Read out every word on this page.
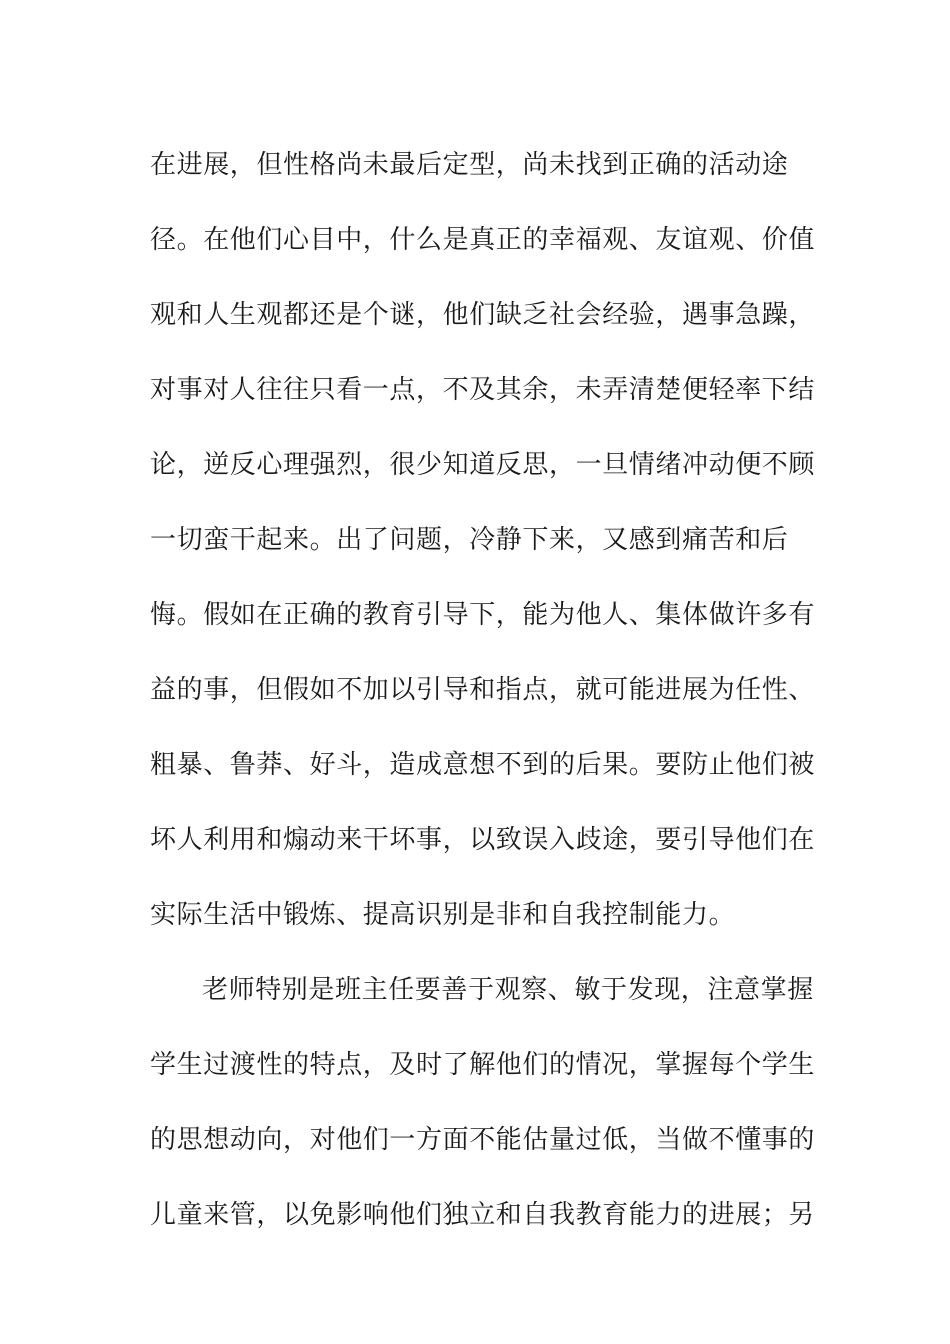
在进展，但性格尚未最后定型，尚未找到正确的活动途
径。在他们心目中，什么是真正的幸福观、友谊观、价值
观和人生观都还是个谜，他们缺乏社会经验，遇事急躁，
对事对人往往只看一点，不及其余，未弄清楚便轻率下结
论，逆反心理强烈，很少知道反思，一旦情绪冲动便不顾
一切蛮干起来。出了问题，冷静下来，又感到痛苦和后
悔。假如在正确的教育引导下，能为他人、集体做许多有
益的事，但假如不加以引导和指点，就可能进展为任性、
粗暴、鲁莽、好斗，造成意想不到的后果。要防止他们被
坏人利用和煽动来干坏事，以致误入歧途，要引导他们在
实际生活中锻炼、提高识别是非和自我控制能力。
老师特别是班主任要善于观察、敏于发现，注意掌握
学生过渡性的特点，及时了解他们的情况，掌握每个学生
的思想动向，对他们一方面不能估量过低，当做不懂事的
儿童来管，以免影响他们独立和自我教育能力的进展；另
